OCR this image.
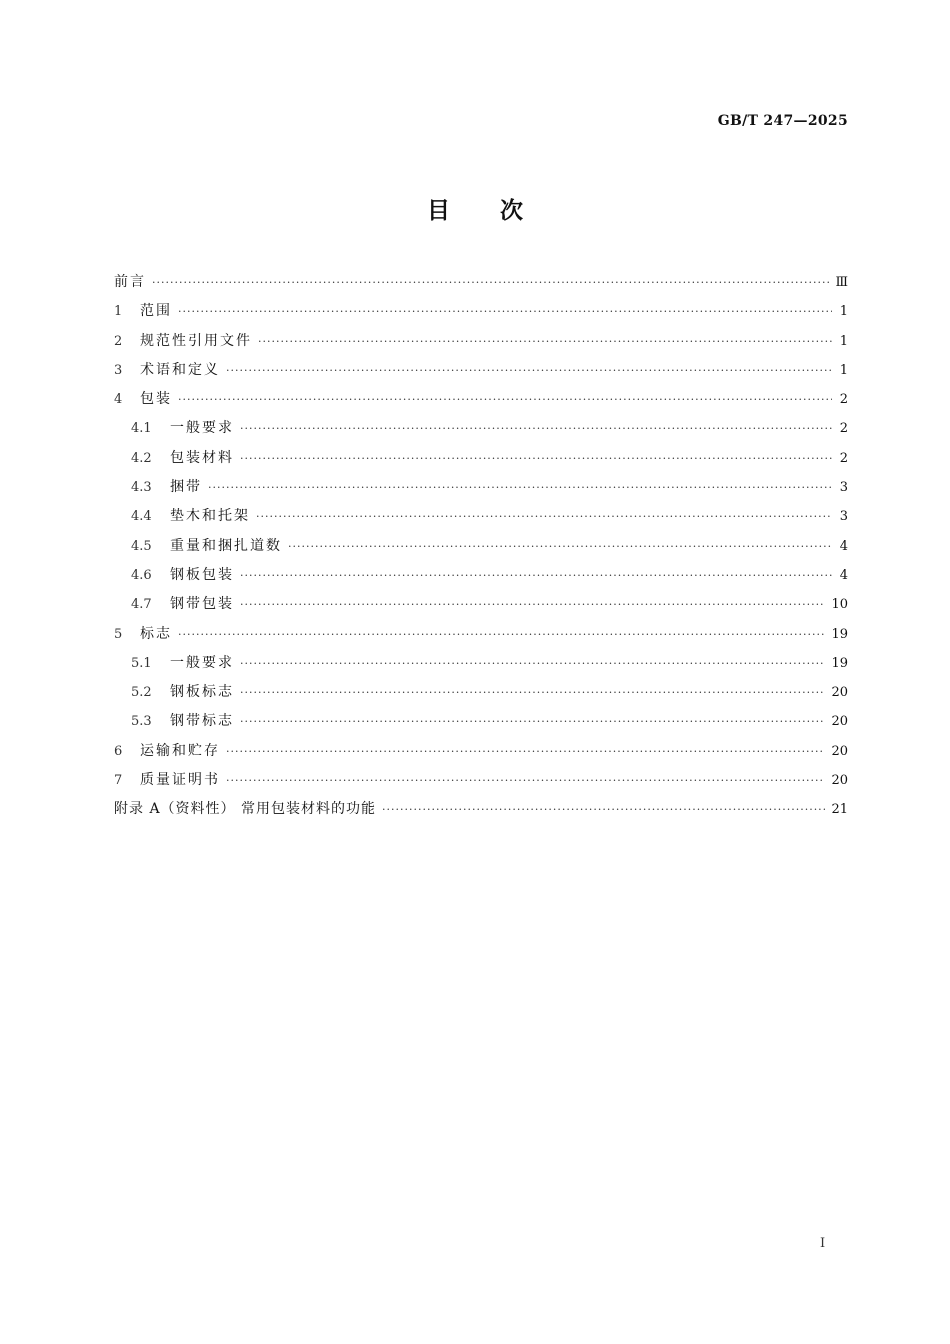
GB/T 247—2025
目 次
前言 ·····	Ⅲ
1	范围 ·····	1
2	规范性引用文件 ·····	1
3	术语和定义 ·····	1
4	包装 ·····	2
4.1	一般要求 ·····	2
4.2	包装材料 ·····	2
4.3	捆带 ·····	3
4.4	垫木和托架 ·····	3
4.5	重量和捆扎道数 ·····	4
4.6	钢板包装 ·····	4
4.7	钢带包装 ·····	10
5	标志 ·····	19
5.1	一般要求 ·····	19
5.2	钢板标志 ·····	20
5.3	钢带标志 ·····	20
6	运输和贮存 ·····	20
7	质量证明书 ·····	20
附录 A（资料性） 常用包装材料的功能 ·····	21
I
